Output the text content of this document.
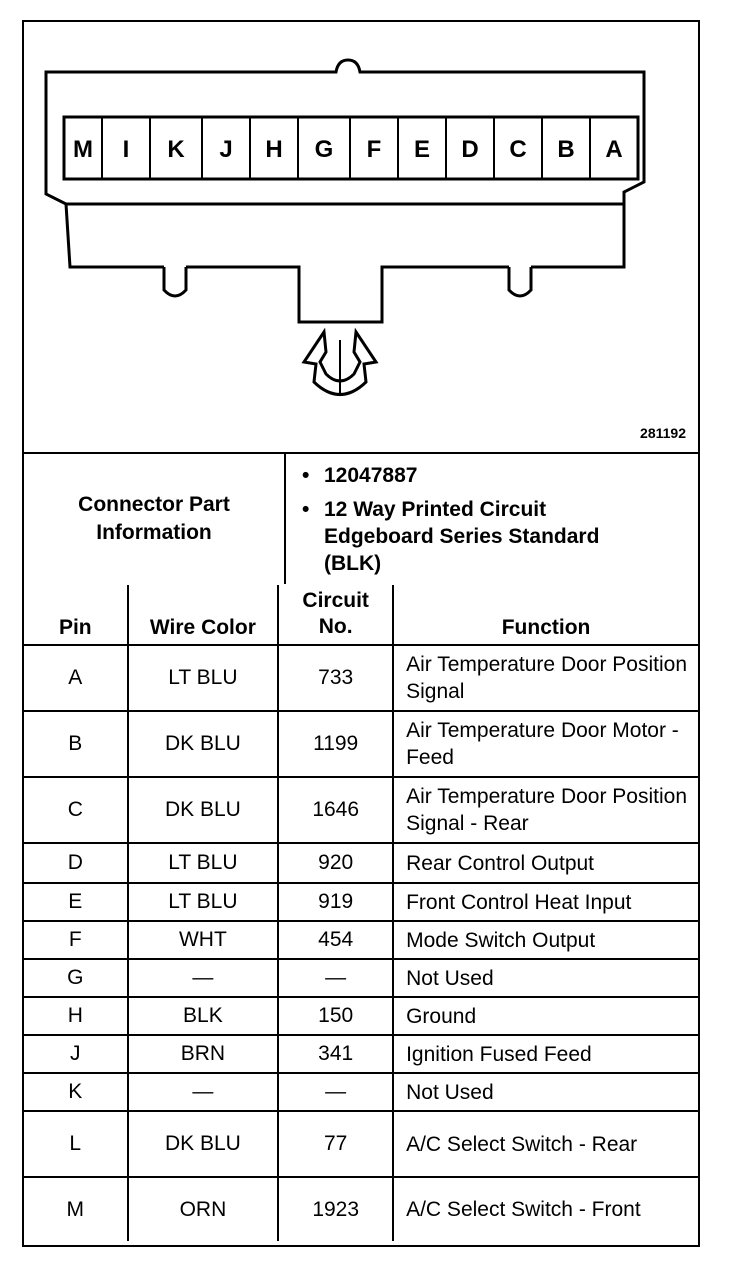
M I K J H G F E D C B A
281192
Connector Part Information
• 12047887
• 12 Way Printed Circuit Edgeboard Series Standard (BLK)
Pin	Wire Color	Circuit No.	Function
A	LT BLU	733	Air Temperature Door Position Signal
B	DK BLU	1199	Air Temperature Door Motor - Feed
C	DK BLU	1646	Air Temperature Door Position Signal - Rear
D	LT BLU	920	Rear Control Output
E	LT BLU	919	Front Control Heat Input
F	WHT	454	Mode Switch Output
G	—	—	Not Used
H	BLK	150	Ground
J	BRN	341	Ignition Fused Feed
K	—	—	Not Used
L	DK BLU	77	A/C Select Switch - Rear
M	ORN	1923	A/C Select Switch - Front
